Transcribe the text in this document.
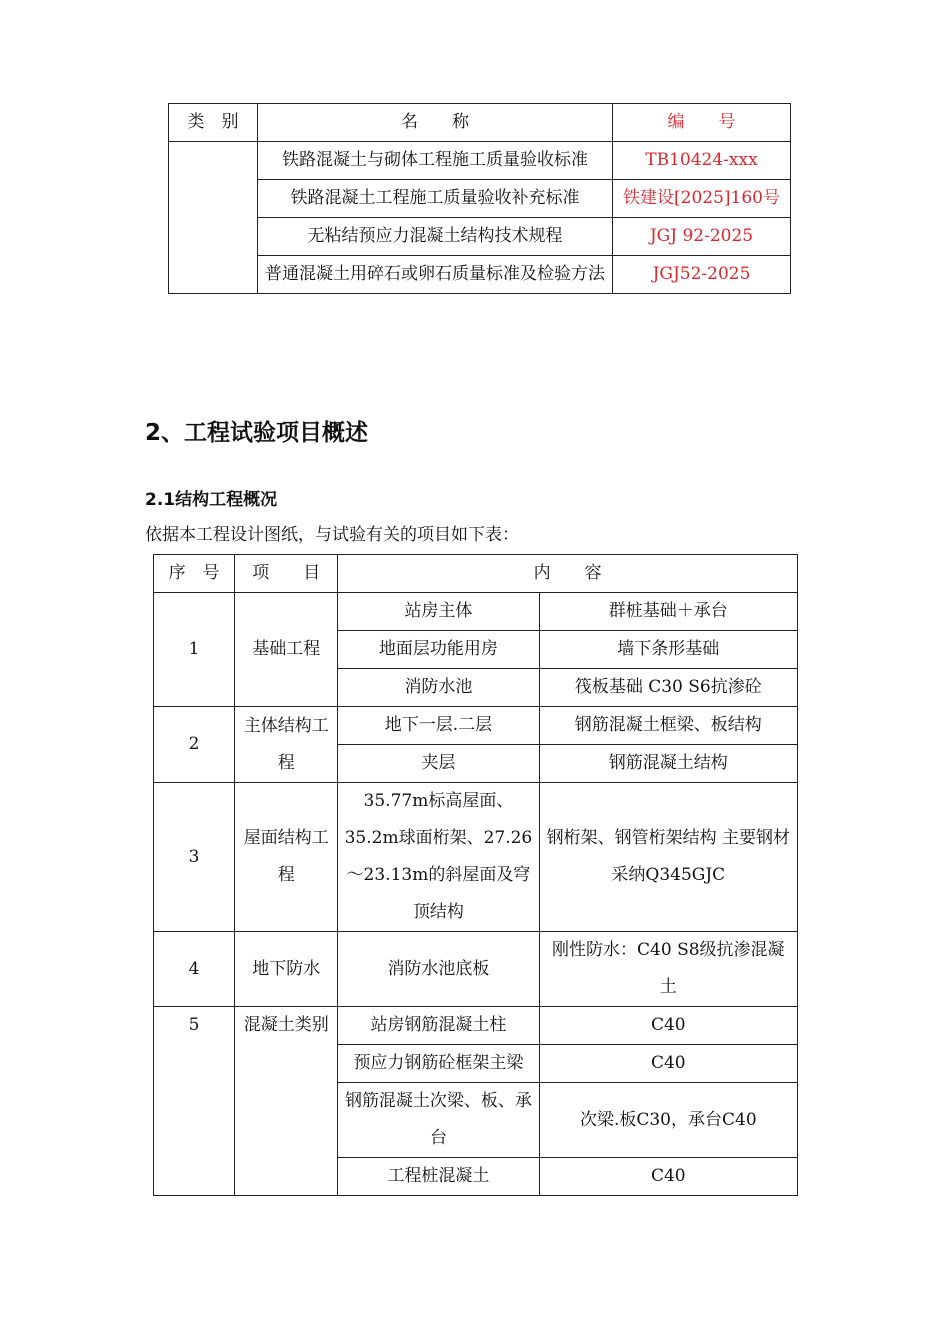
类　别	名　　称	编　　号
	铁路混凝土与砌体工程施工质量验收标准	TB10424-xxx
	铁路混凝土工程施工质量验收补充标准	铁建设[2025]160号
	无粘结预应力混凝土结构技术规程	JGJ 92-2025
	普通混凝土用碎石或卵石质量标准及检验方法	JGJ52-2025
2、工程试验项目概述
2.1结构工程概况

依据本工程设计图纸，与试验有关的项目如下表：

序　号	项　　目	内　　容	
1	基础工程	站房主体	群桩基础＋承台
		地面层功能用房	墙下条形基础
		消防水池	筏板基础 C30 S6抗渗砼
2	主体结构工程	地下一层.二层	钢筋混凝土框梁、板结构
		夹层	钢筋混凝土结构
3	屋面结构工程	35.77m标高屋面、35.2m球面桁架、27.26～23.13m的斜屋面及穹顶结构	钢桁架、钢管桁架结构 主要钢材采纳Q345GJC
4	地下防水	消防水池底板	刚性防水：C40 S8级抗渗混凝土
5	混凝土类别	站房钢筋混凝土柱	C40
		预应力钢筋砼框架主梁	C40
		钢筋混凝土次梁、板、承台	次梁.板C30，承台C40
		工程桩混凝土	C40
